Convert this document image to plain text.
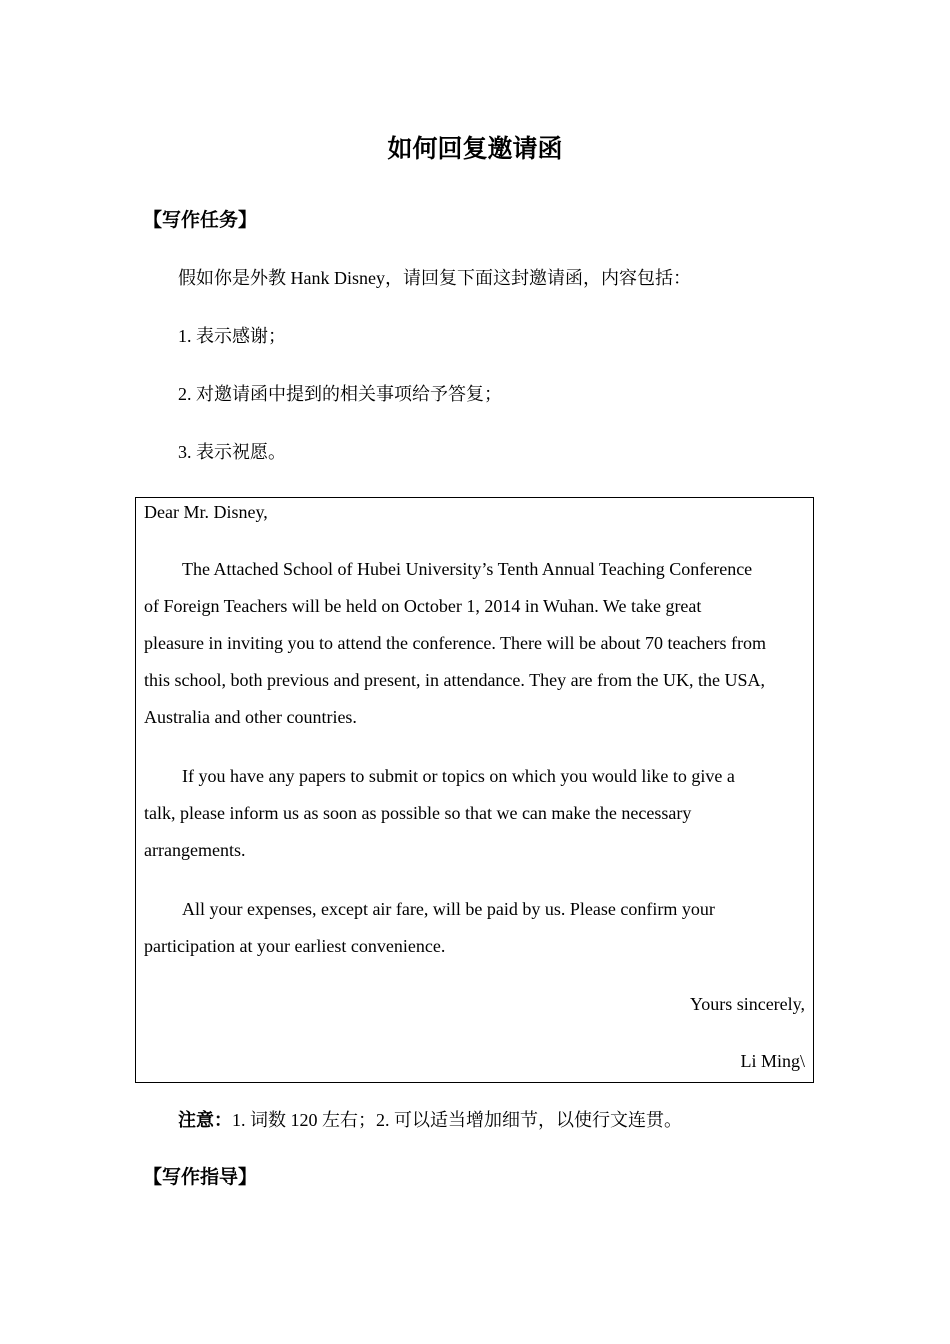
如何回复邀请函

【写作任务】

假如你是外教 Hank Disney，请回复下面这封邀请函，内容包括：

1. 表示感谢；

2. 对邀请函中提到的相关事项给予答复；

3. 表示祝愿。

Dear Mr. Disney,

The Attached School of Hubei University’s Tenth Annual Teaching Conference

of Foreign Teachers will be held on October 1, 2014 in Wuhan. We take great

pleasure in inviting you to attend the conference. There will be about 70 teachers from

this school, both previous and present, in attendance. They are from the UK, the USA,

Australia and other countries.

If you have any papers to submit or topics on which you would like to give a

talk, please inform us as soon as possible so that we can make the necessary

arrangements.

All your expenses, except air fare, will be paid by us. Please confirm your

participation at your earliest convenience.

Yours sincerely,

Li Ming\

注意：1. 词数 120 左右；2. 可以适当增加细节，以使行文连贯。

【写作指导】
